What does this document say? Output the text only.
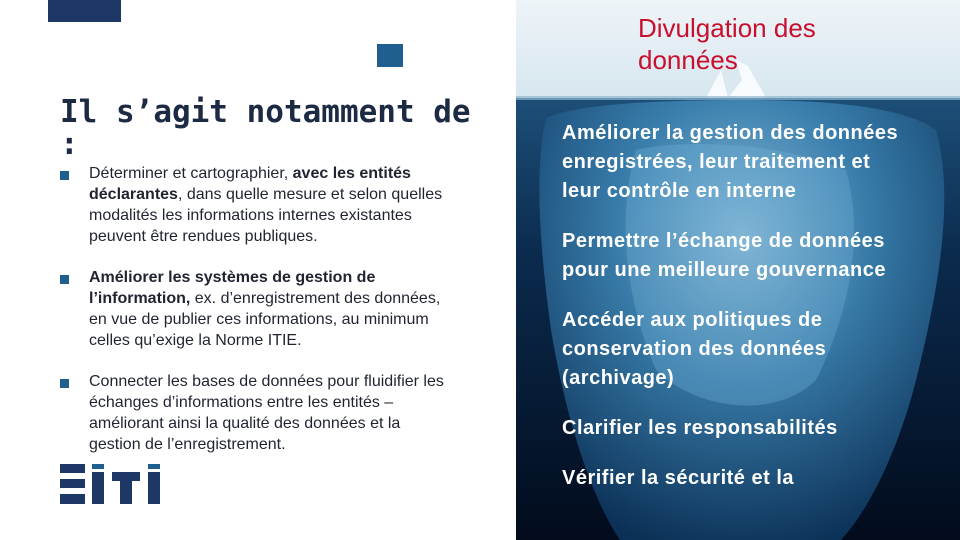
Il s’agit notamment de :
Déterminer et cartographier, avec les entités déclarantes, dans quelle mesure et selon quelles modalités les informations internes existantes peuvent être rendues publiques.
Améliorer les systèmes de gestion de l’information, ex. d’enregistrement des données, en vue de publier ces informations, au minimum celles qu’exige la Norme ITIE.
Connecter les bases de données pour fluidifier les échanges d’informations entre les entités – améliorant ainsi la qualité des données et la gestion de l’enregistrement.
Divulgation des données
Améliorer la gestion des données enregistrées, leur traitement et leur contrôle en interne
Permettre l’échange de données pour une meilleure gouvernance
Accéder aux politiques de conservation des données (archivage)
Clarifier les responsabilités
Vérifier la sécurité et la
